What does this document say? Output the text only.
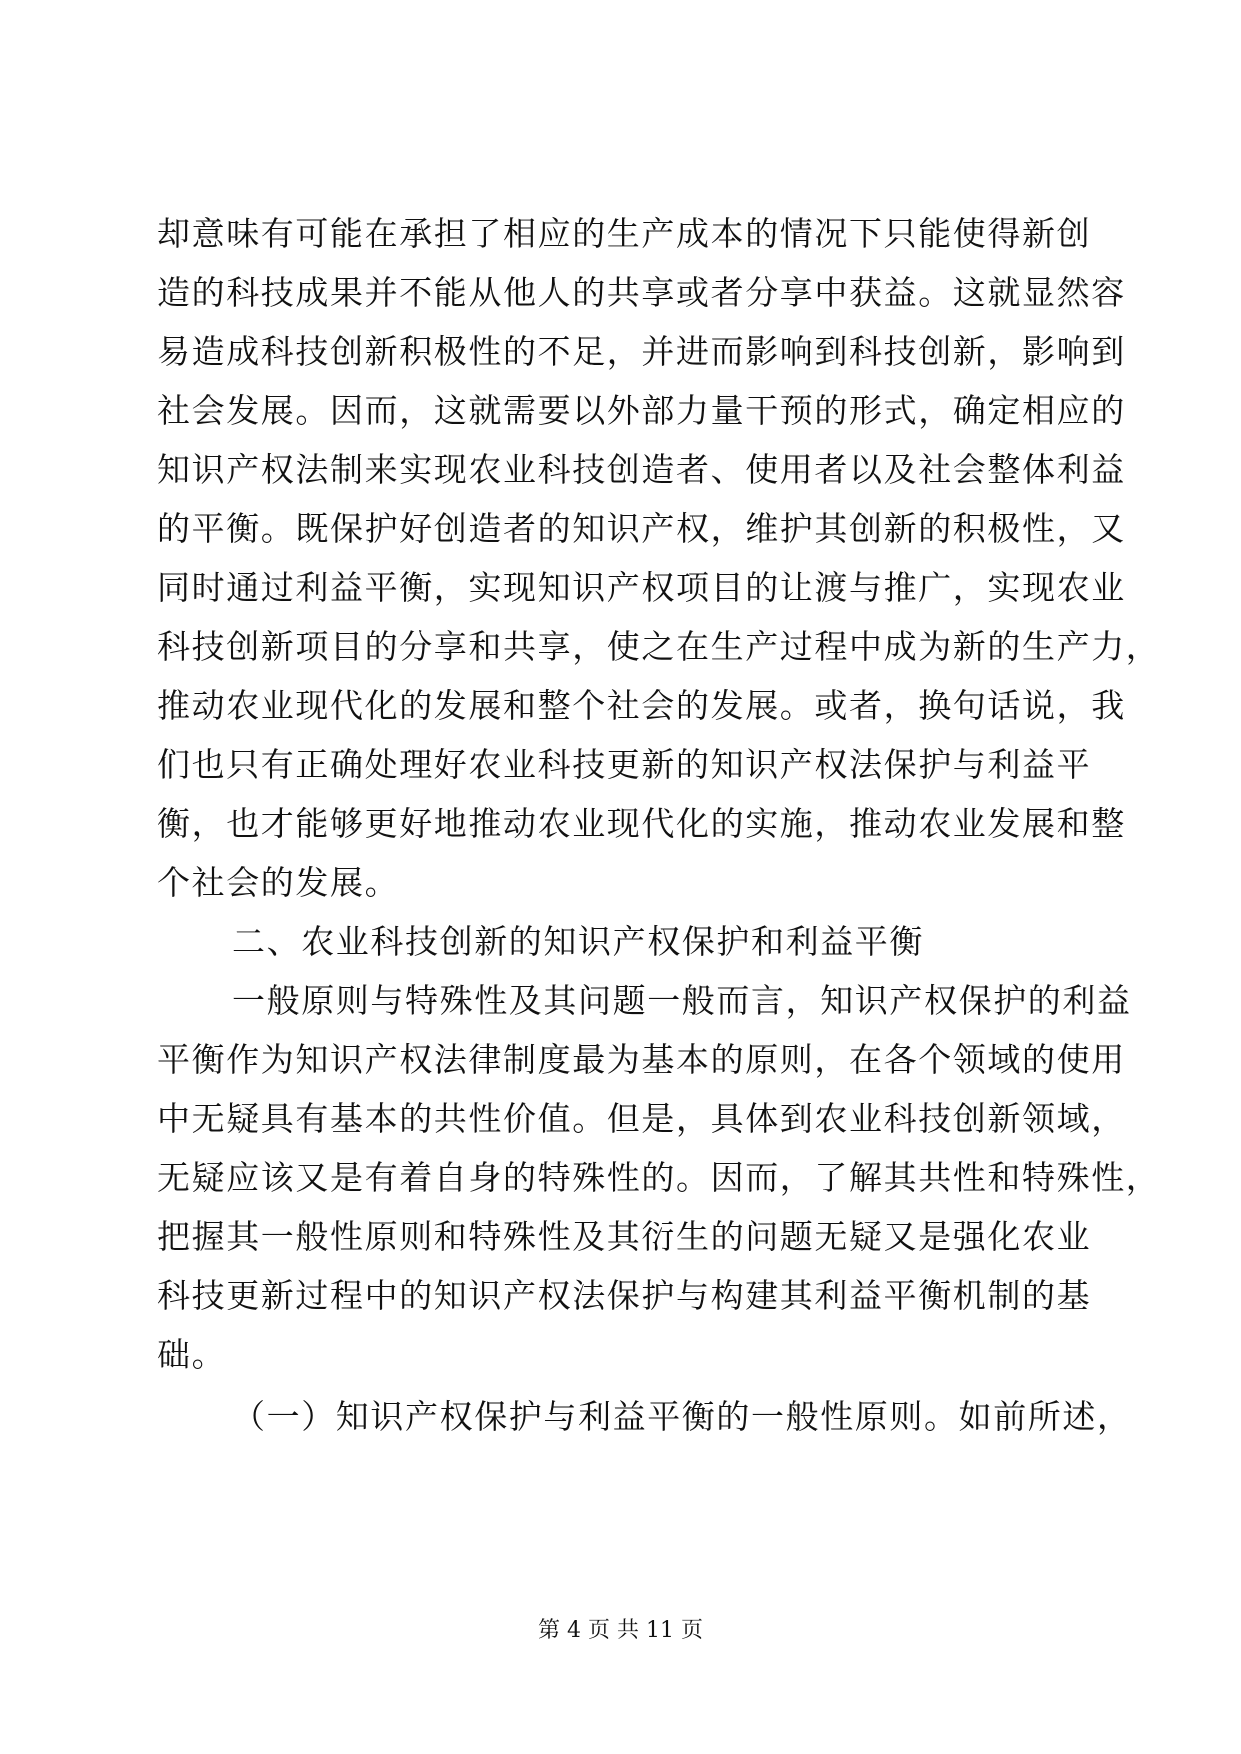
却意味有可能在承担了相应的生产成本的情况下只能使得新创
造的科技成果并不能从他人的共享或者分享中获益。这就显然容
易造成科技创新积极性的不足，并进而影响到科技创新，影响到
社会发展。因而，这就需要以外部力量干预的形式，确定相应的
知识产权法制来实现农业科技创造者、使用者以及社会整体利益
的平衡。既保护好创造者的知识产权，维护其创新的积极性，又
同时通过利益平衡，实现知识产权项目的让渡与推广，实现农业
科技创新项目的分享和共享，使之在生产过程中成为新的生产力，
推动农业现代化的发展和整个社会的发展。或者，换句话说，我
们也只有正确处理好农业科技更新的知识产权法保护与利益平
衡，也才能够更好地推动农业现代化的实施，推动农业发展和整
个社会的发展。
二、农业科技创新的知识产权保护和利益平衡
一般原则与特殊性及其问题一般而言，知识产权保护的利益
平衡作为知识产权法律制度最为基本的原则，在各个领域的使用
中无疑具有基本的共性价值。但是，具体到农业科技创新领域，
无疑应该又是有着自身的特殊性的。因而，了解其共性和特殊性，
把握其一般性原则和特殊性及其衍生的问题无疑又是强化农业
科技更新过程中的知识产权法保护与构建其利益平衡机制的基
础。
（一）知识产权保护与利益平衡的一般性原则。如前所述，
第 4 页 共 11 页
